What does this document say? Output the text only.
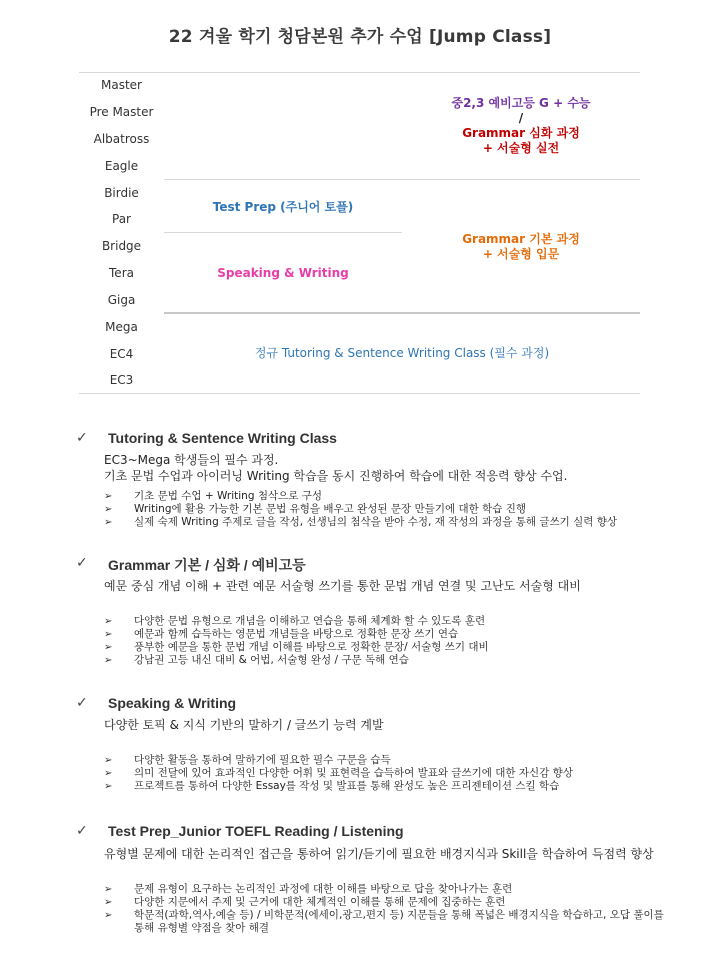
22 겨울 학기 청담본원 추가 수업 [Jump Class]
Master
Pre Master
Albatross
Eagle
Birdie
Par
Bridge
Tera
Giga
Mega
EC4
EC3
중2,3 예비고등 G + 수능
/
Grammar 심화 과정
+ 서술형 실전
Test Prep (주니어 토플)
Grammar 기본 과정
+ 서술형 입문
Speaking & Writing
정규 Tutoring & Sentence Writing Class (필수 과정)
✓ Tutoring & Sentence Writing Class
EC3~Mega 학생들의 필수 과정.
기초 문법 수업과 아이러닝 Writing 학습을 동시 진행하여 학습에 대한 적응력 향상 수업.
➢ 기초 문법 수업 + Writing 첨삭으로 구성
➢ Writing에 활용 가능한 기본 문법 유형을 배우고 완성된 문장 만들기에 대한 학습 진행
➢ 실제 숙제 Writing 주제로 글을 작성, 선생님의 첨삭을 받아 수정, 재 작성의 과정을 통해 글쓰기 실력 향상
✓ Grammar 기본 / 심화 / 예비고등
예문 중심 개념 이해 + 관련 예문 서술형 쓰기를 통한 문법 개념 연결 및 고난도 서술형 대비
➢ 다양한 문법 유형으로 개념을 이해하고 연습을 통해 체계화 할 수 있도록 훈련
➢ 예문과 함께 습득하는 영문법 개념들을 바탕으로 정확한 문장 쓰기 연습
➢ 풍부한 예문을 통한 문법 개념 이해를 바탕으로 정확한 문장/ 서술형 쓰기 대비
➢ 강남권 고등 내신 대비 & 어법, 서술형 완성 / 구문 독해 연습
✓ Speaking & Writing
다양한 토픽 & 지식 기반의 말하기 / 글쓰기 능력 계발
➢ 다양한 활동을 통하여 말하기에 필요한 필수 구문을 습득
➢ 의미 전달에 있어 효과적인 다양한 어휘 및 표현력을 습득하여 발표와 글쓰기에 대한 자신감 향상
➢ 프로젝트를 통하여 다양한 Essay를 작성 및 발표를 통해 완성도 높은 프리젠테이션 스킬 학습
✓ Test Prep_Junior TOEFL Reading / Listening
유형별 문제에 대한 논리적인 접근을 통하여 읽기/듣기에 필요한 배경지식과 Skill을 학습하여 득점력 향상
➢ 문제 유형이 요구하는 논리적인 과정에 대한 이해를 바탕으로 답을 찾아나가는 훈련
➢ 다양한 지문에서 주제 및 근거에 대한 체계적인 이해를 통해 문제에 집중하는 훈련
➢ 학문적(과학,역사,예술 등) / 비학문적(에세이,광고,편지 등) 지문들을 통해 폭넓은 배경지식을 학습하고, 오답 풀이를 통해 유형별 약점을 찾아 해결
